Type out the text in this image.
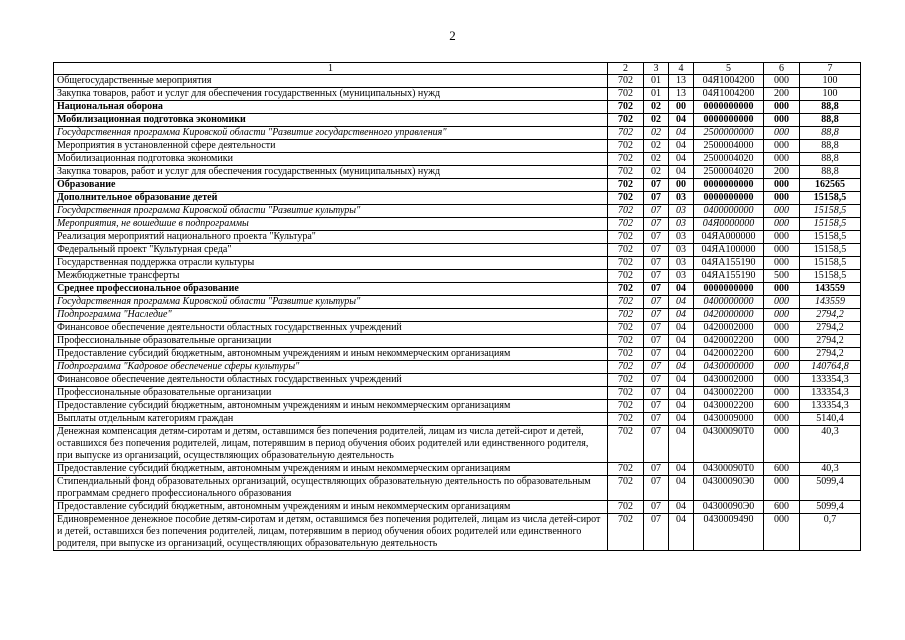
2
1	2	3	4	5	6	7
Общегосударственные мероприятия	702	01	13	04Я1004200	000	100
Закупка товаров, работ и услуг для обеспечения государственных (муниципальных) нужд	702	01	13	04Я1004200	200	100
Национальная оборона	702	02	00	0000000000	000	88,8
Мобилизационная подготовка экономики	702	02	04	0000000000	000	88,8
Государственная программа Кировской области "Развитие государственного управления"	702	02	04	2500000000	000	88,8
Мероприятия в установленной сфере деятельности	702	02	04	2500004000	000	88,8
Мобилизационная подготовка экономики	702	02	04	2500004020	000	88,8
Закупка товаров, работ и услуг для обеспечения государственных (муниципальных) нужд	702	02	04	2500004020	200	88,8
Образование	702	07	00	0000000000	000	162565
Дополнительное образование детей	702	07	03	0000000000	000	15158,5
Государственная программа Кировской области "Развитие культуры"	702	07	03	0400000000	000	15158,5
Мероприятия, не вошедшие в подпрограммы	702	07	03	04Я0000000	000	15158,5
Реализация мероприятий национального проекта "Культура"	702	07	03	04ЯА000000	000	15158,5
Федеральный проект "Культурная среда"	702	07	03	04ЯА100000	000	15158,5
Государственная поддержка отрасли культуры	702	07	03	04ЯА155190	000	15158,5
Межбюджетные трансферты	702	07	03	04ЯА155190	500	15158,5
Среднее профессиональное образование	702	07	04	0000000000	000	143559
Государственная программа Кировской области "Развитие культуры"	702	07	04	0400000000	000	143559
Подпрограмма "Наследие"	702	07	04	0420000000	000	2794,2
Финансовое обеспечение деятельности областных государственных учреждений	702	07	04	0420002000	000	2794,2
Профессиональные образовательные организации	702	07	04	0420002200	000	2794,2
Предоставление субсидий бюджетным, автономным учреждениям и иным некоммерческим организациям	702	07	04	0420002200	600	2794,2
Подпрограмма "Кадровое обеспечение сферы культуры"	702	07	04	0430000000	000	140764,8
Финансовое обеспечение деятельности областных государственных учреждений	702	07	04	0430002000	000	133354,3
Профессиональные образовательные организации	702	07	04	0430002200	000	133354,3
Предоставление субсидий бюджетным, автономным учреждениям и иным некоммерческим организациям	702	07	04	0430002200	600	133354,3
Выплаты отдельным категориям граждан	702	07	04	0430009000	000	5140,4
Денежная компенсация детям-сиротам и детям, оставшимся без попечения родителей, лицам из числа детей-сирот и детей, оставшихся без попечения родителей, лицам, потерявшим в период обучения обоих родителей или единственного родителя, при выпуске из организаций, осуществляющих образовательную деятельность	702	07	04	04300090Т0	000	40,3
Предоставление субсидий бюджетным, автономным учреждениям и иным некоммерческим организациям	702	07	04	04300090Т0	600	40,3
Стипендиальный фонд образовательных организаций, осуществляющих образовательную деятельность по образовательным программам среднего профессионального образования	702	07	04	04300090Э0	000	5099,4
Предоставление субсидий бюджетным, автономным учреждениям и иным некоммерческим организациям	702	07	04	04300090Э0	600	5099,4
Единовременное денежное пособие детям-сиротам и детям, оставшимся без попечения родителей, лицам из числа детей-сирот и детей, оставшихся без попечения родителей, лицам, потерявшим в период обучения обоих родителей или единственного родителя, при выпуске из организаций, осуществляющих образовательную деятельность	702	07	04	0430009490	000	0,7
